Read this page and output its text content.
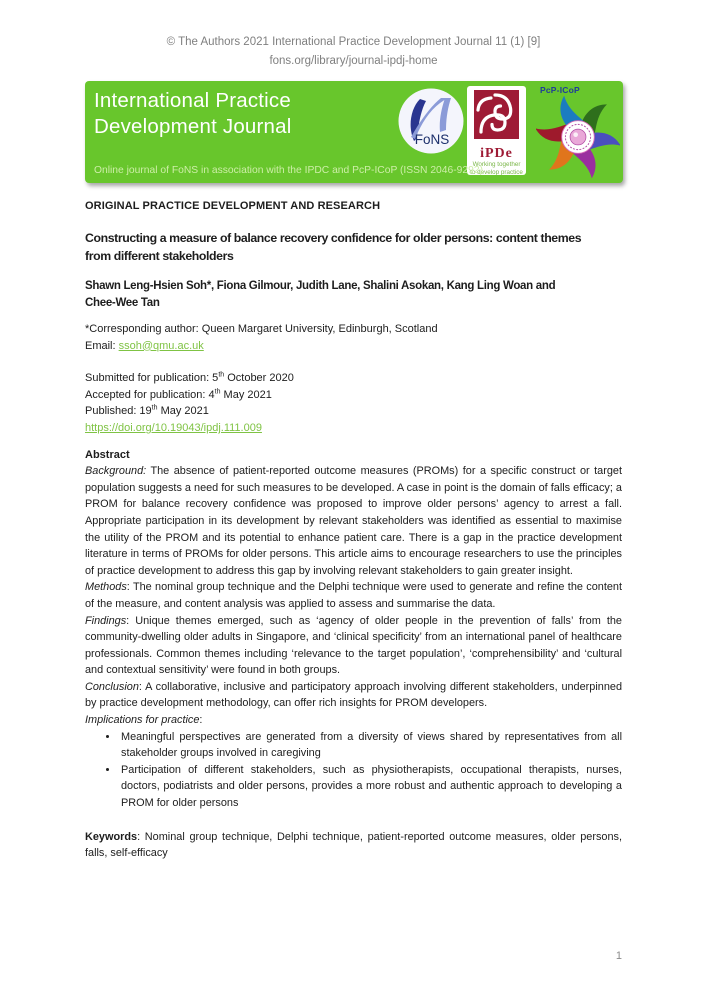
© The Authors 2021 International Practice Development Journal 11 (1) [9]
fons.org/library/journal-ipdj-home
International Practice
Development Journal
FoNS
iPDe
Working together
to develop practice
PcP-ICoP
Online journal of FoNS in association with the IPDC and PcP-ICoP (ISSN 2046-9292)
ORIGINAL PRACTICE DEVELOPMENT AND RESEARCH
Constructing a measure of balance recovery confidence for older persons: content themes
from different stakeholders
Shawn Leng-Hsien Soh*, Fiona Gilmour, Judith Lane, Shalini Asokan, Kang Ling Woan and
Chee-Wee Tan
*Corresponding author: Queen Margaret University, Edinburgh, Scotland
Email: ssoh@qmu.ac.uk
Submitted for publication: 5th October 2020
Accepted for publication: 4th May 2021
Published: 19th May 2021
https://doi.org/10.19043/ipdj.111.009
Abstract

Background: The absence of patient-reported outcome measures (PROMs) for a specific construct or target population suggests a need for such measures to be developed. A case in point is the domain of falls efficacy; a PROM for balance recovery confidence was proposed to improve older persons’ agency to arrest a fall. Appropriate participation in its development by relevant stakeholders was identified as essential to maximise the utility of the PROM and its potential to enhance patient care. There is a gap in the practice development literature in terms of PROMs for older persons. This article aims to encourage researchers to use the principles of practice development to address this gap by involving relevant stakeholders to gain greater insight.

Methods: The nominal group technique and the Delphi technique were used to generate and refine the content of the measure, and content analysis was applied to assess and summarise the data.

Findings: Unique themes emerged, such as ‘agency of older people in the prevention of falls’ from the community-dwelling older adults in Singapore, and ‘clinical specificity’ from an international panel of healthcare professionals. Common themes including ‘relevance to the target population’, ‘comprehensibility’ and ‘cultural and contextual sensitivity’ were found in both groups.

Conclusion: A collaborative, inclusive and participatory approach involving different stakeholders, underpinned by practice development methodology, can offer rich insights for PROM developers.

Implications for practice:

• Meaningful perspectives are generated from a diversity of views shared by representatives from all stakeholder groups involved in caregiving
• Participation of different stakeholders, such as physiotherapists, occupational therapists, nurses, doctors, podiatrists and older persons, provides a more robust and authentic approach to developing a PROM for older persons
Keywords: Nominal group technique, Delphi technique, patient-reported outcome measures, older persons, falls, self-efficacy
1
